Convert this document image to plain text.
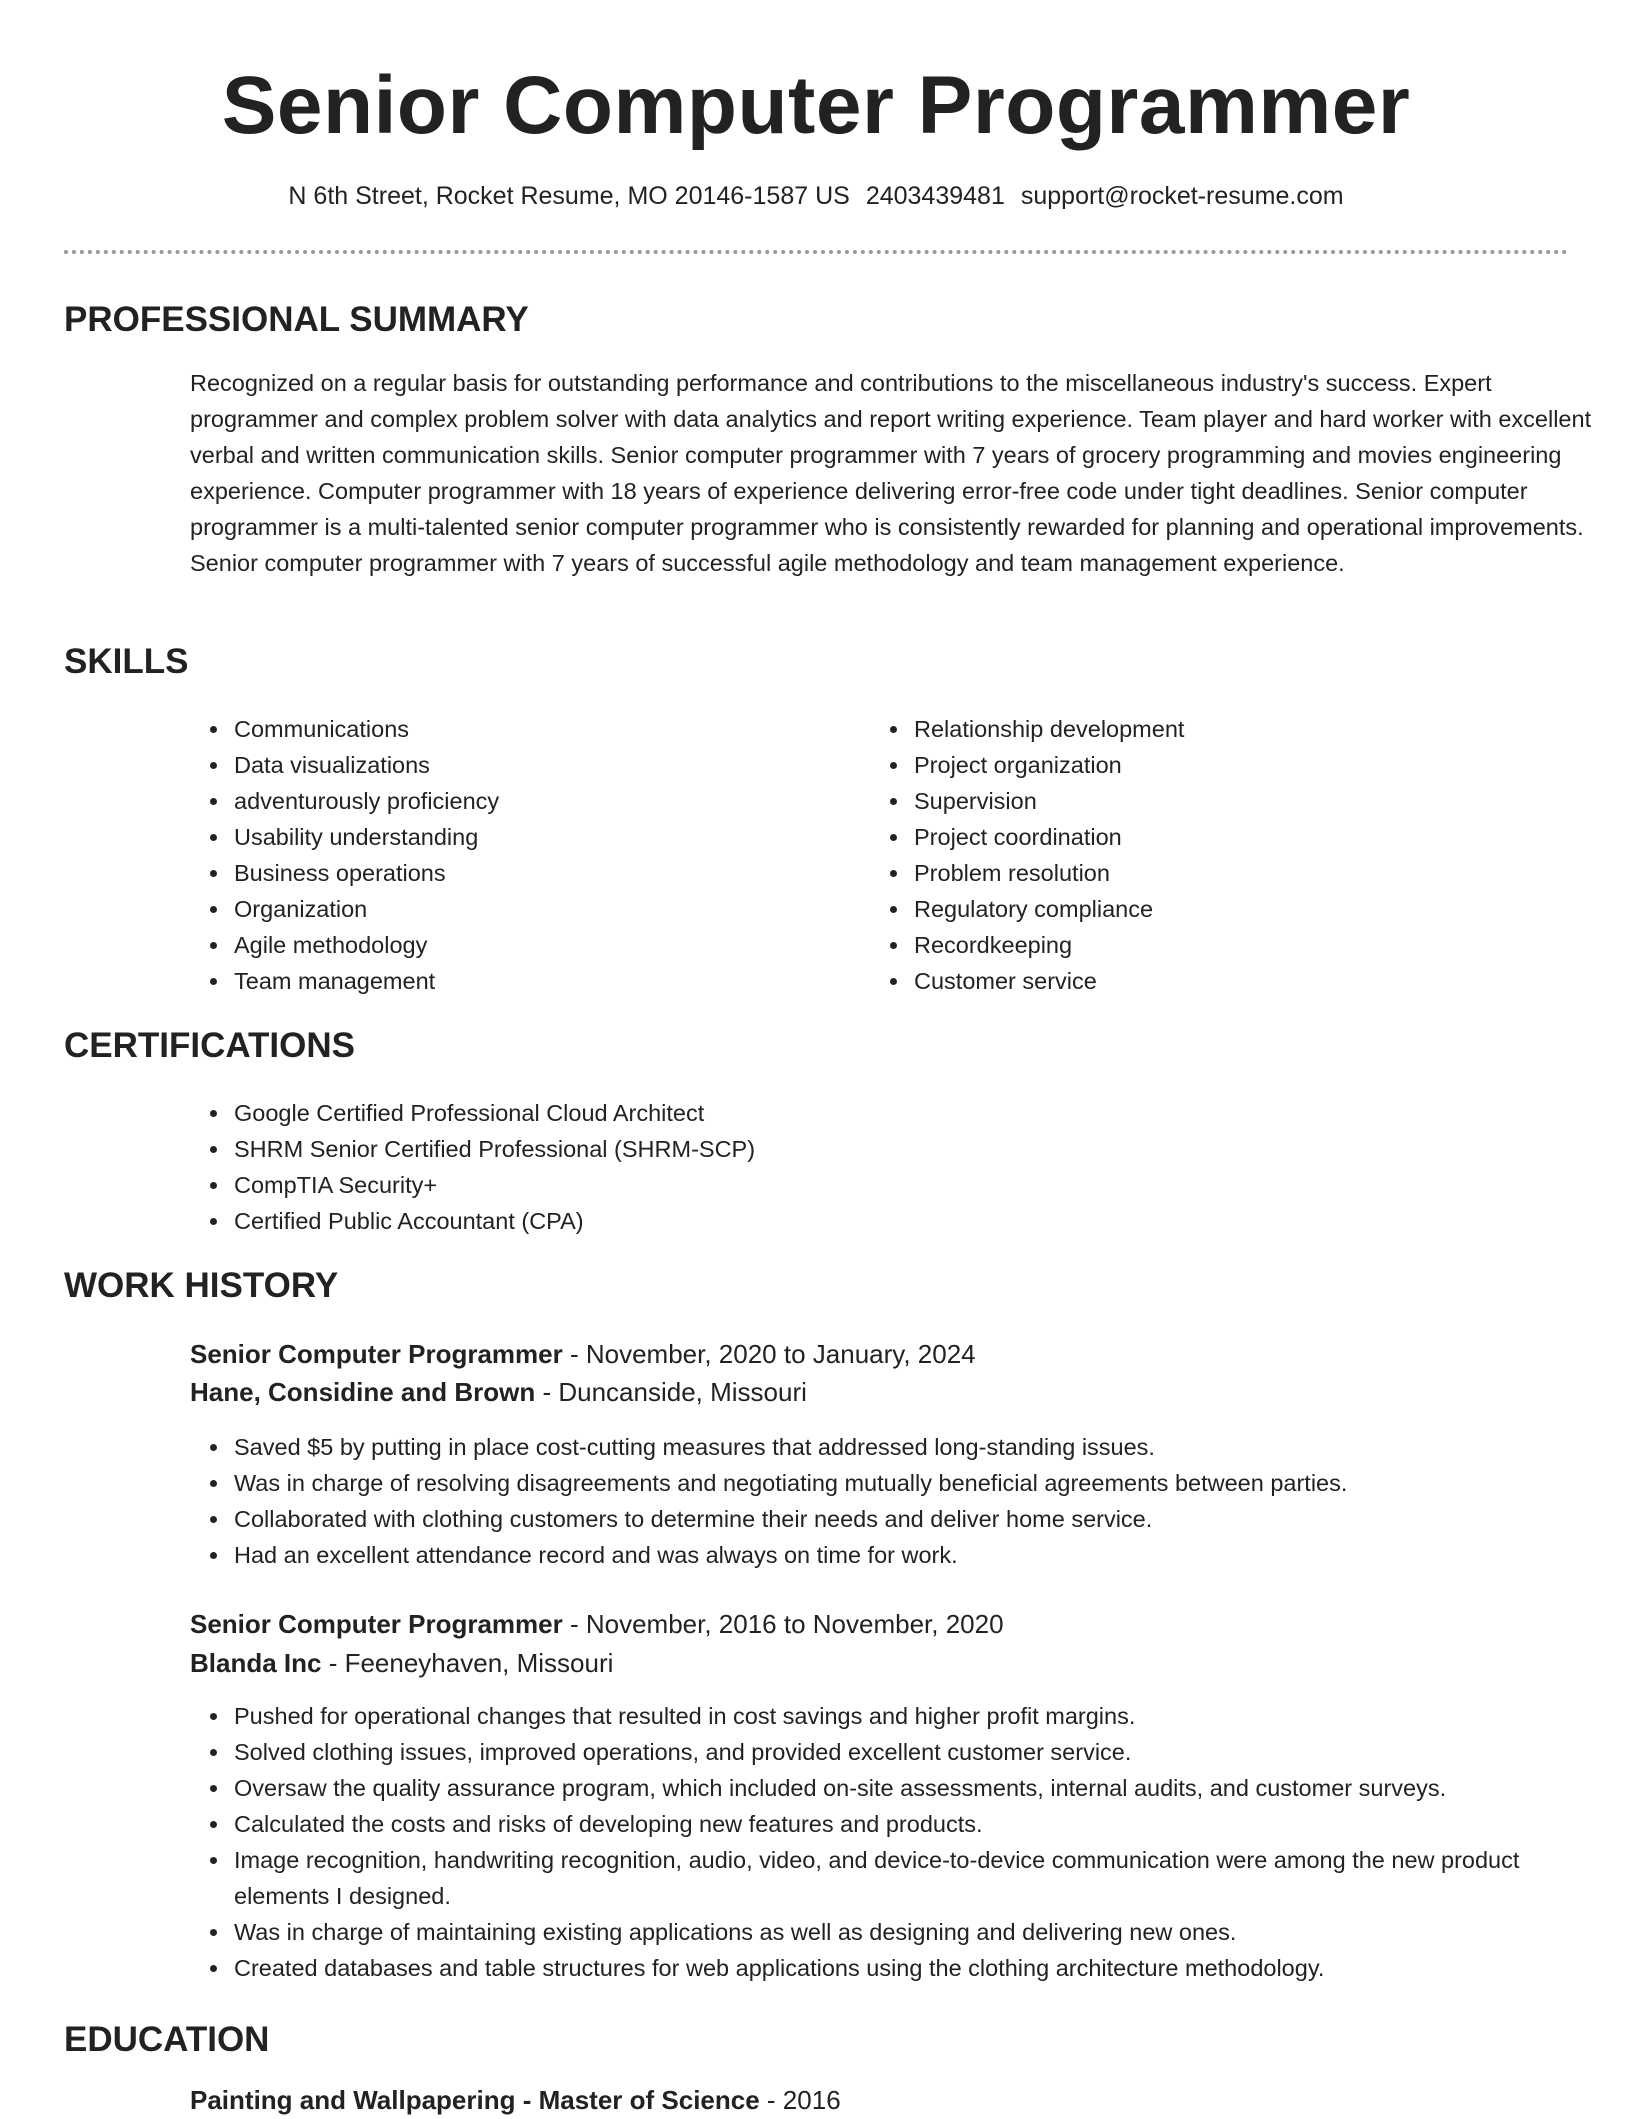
Senior Computer Programmer
N 6th Street, Rocket Resume, MO 20146-1587 US 2403439481 support@rocket-resume.com
PROFESSIONAL SUMMARY

Recognized on a regular basis for outstanding performance and contributions to the miscellaneous industry's success. Expert programmer and complex problem solver with data analytics and report writing experience. Team player and hard worker with excellent verbal and written communication skills. Senior computer programmer with 7 years of grocery programming and movies engineering experience. Computer programmer with 18 years of experience delivering error-free code under tight deadlines. Senior computer programmer is a multi-talented senior computer programmer who is consistently rewarded for planning and operational improvements. Senior computer programmer with 7 years of successful agile methodology and team management experience.

SKILLS
Communications
Data visualizations
adventurously proficiency
Usability understanding
Business operations
Organization
Agile methodology
Team management
Relationship development
Project organization
Supervision
Project coordination
Problem resolution
Regulatory compliance
Recordkeeping
Customer service
CERTIFICATIONS
Google Certified Professional Cloud Architect
SHRM Senior Certified Professional (SHRM-SCP)
CompTIA Security+
Certified Public Accountant (CPA)
WORK HISTORY
Senior Computer Programmer - November, 2020 to January, 2024
Hane, Considine and Brown - Duncanside, Missouri
Saved $5 by putting in place cost-cutting measures that addressed long-standing issues.
Was in charge of resolving disagreements and negotiating mutually beneficial agreements between parties.
Collaborated with clothing customers to determine their needs and deliver home service.
Had an excellent attendance record and was always on time for work.
Senior Computer Programmer - November, 2016 to November, 2020
Blanda Inc - Feeneyhaven, Missouri
Pushed for operational changes that resulted in cost savings and higher profit margins.
Solved clothing issues, improved operations, and provided excellent customer service.
Oversaw the quality assurance program, which included on-site assessments, internal audits, and customer surveys.
Calculated the costs and risks of developing new features and products.
Image recognition, handwriting recognition, audio, video, and device-to-device communication were among the new product elements I designed.
Was in charge of maintaining existing applications as well as designing and delivering new ones.
Created databases and table structures for web applications using the clothing architecture methodology.
EDUCATION
Painting and Wallpapering - Master of Science - 2016
